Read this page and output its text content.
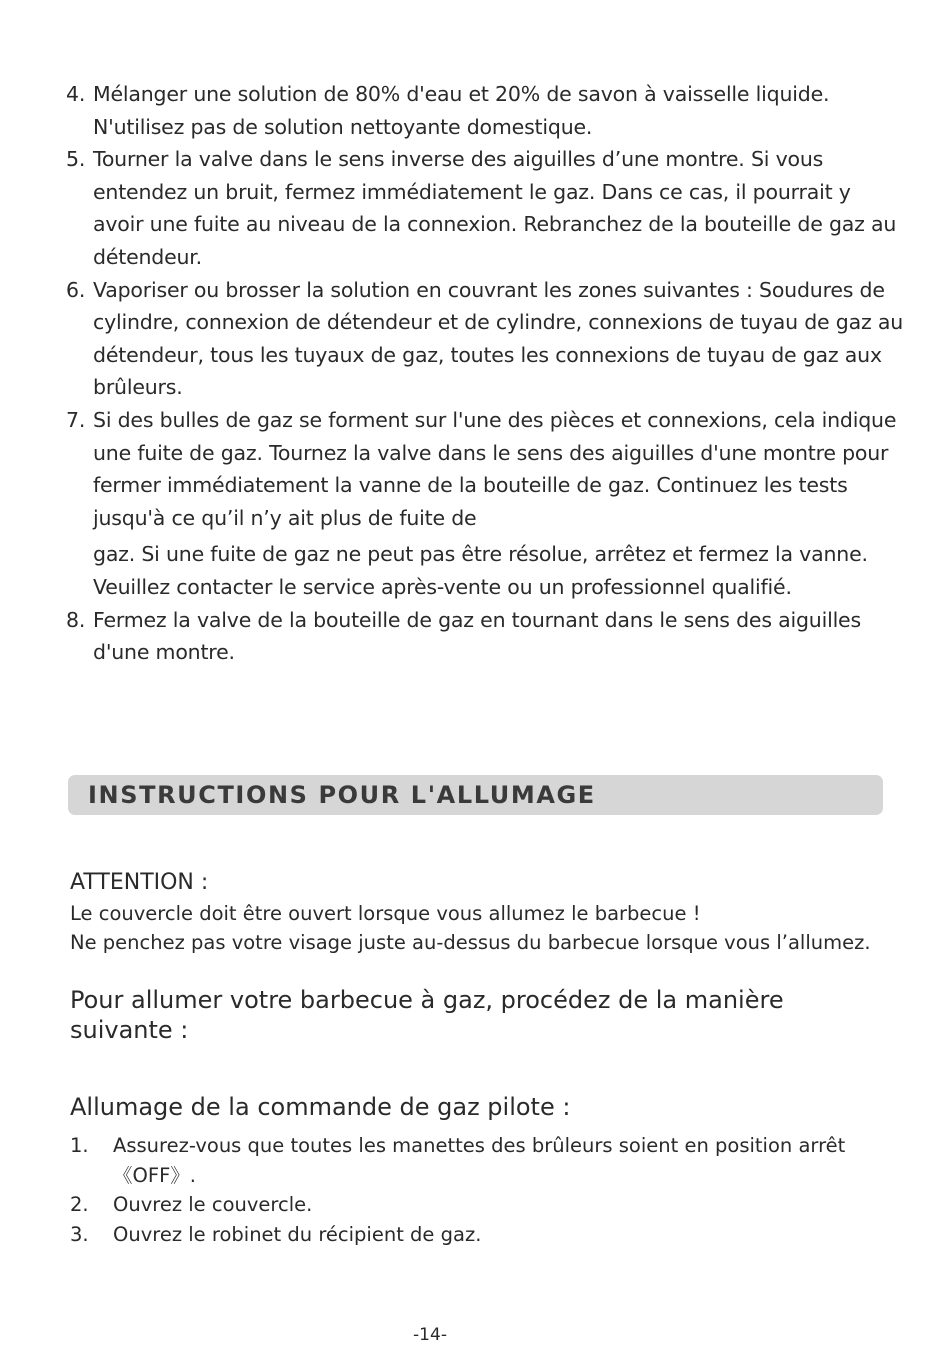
4. Mélanger une solution de 80% d'eau et 20% de savon à vaisselle liquide. N'utilisez pas de solution nettoyante domestique.
5. Tourner la valve dans le sens inverse des aiguilles d’une montre. Si vous entendez un bruit, fermez immédiatement le gaz. Dans ce cas, il pourrait y avoir une fuite au niveau de la connexion. Rebranchez de la bouteille de gaz au détendeur.
6. Vaporiser ou brosser la solution en couvrant les zones suivantes : Soudures de cylindre, connexion de détendeur et de cylindre, connexions de tuyau de gaz au détendeur, tous les tuyaux de gaz, toutes les connexions de tuyau de gaz aux brûleurs.
7. Si des bulles de gaz se forment sur l'une des pièces et connexions, cela indique une fuite de gaz. Tournez la valve dans le sens des aiguilles d'une montre pour fermer immédiatement la vanne de la bouteille de gaz. Continuez les tests jusqu'à ce qu’il n’y ait plus de fuite de
gaz. Si une fuite de gaz ne peut pas être résolue, arrêtez et fermez la vanne. Veuillez contacter le service après-vente ou un professionnel qualifié.
8. Fermez la valve de la bouteille de gaz en tournant dans le sens des aiguilles d'une montre.
INSTRUCTIONS POUR L'ALLUMAGE
ATTENTION :
Le couvercle doit être ouvert lorsque vous allumez le barbecue !
Ne penchez pas votre visage juste au-dessus du barbecue lorsque vous l’allumez.
Pour allumer votre barbecue à gaz, procédez de la manière suivante :
Allumage de la commande de gaz pilote :
1.	Assurez-vous que toutes les manettes des brûleurs soient en position arrêt 《OFF》.
2.	Ouvrez le couvercle.
3.	Ouvrez le robinet du récipient de gaz.
-14-
